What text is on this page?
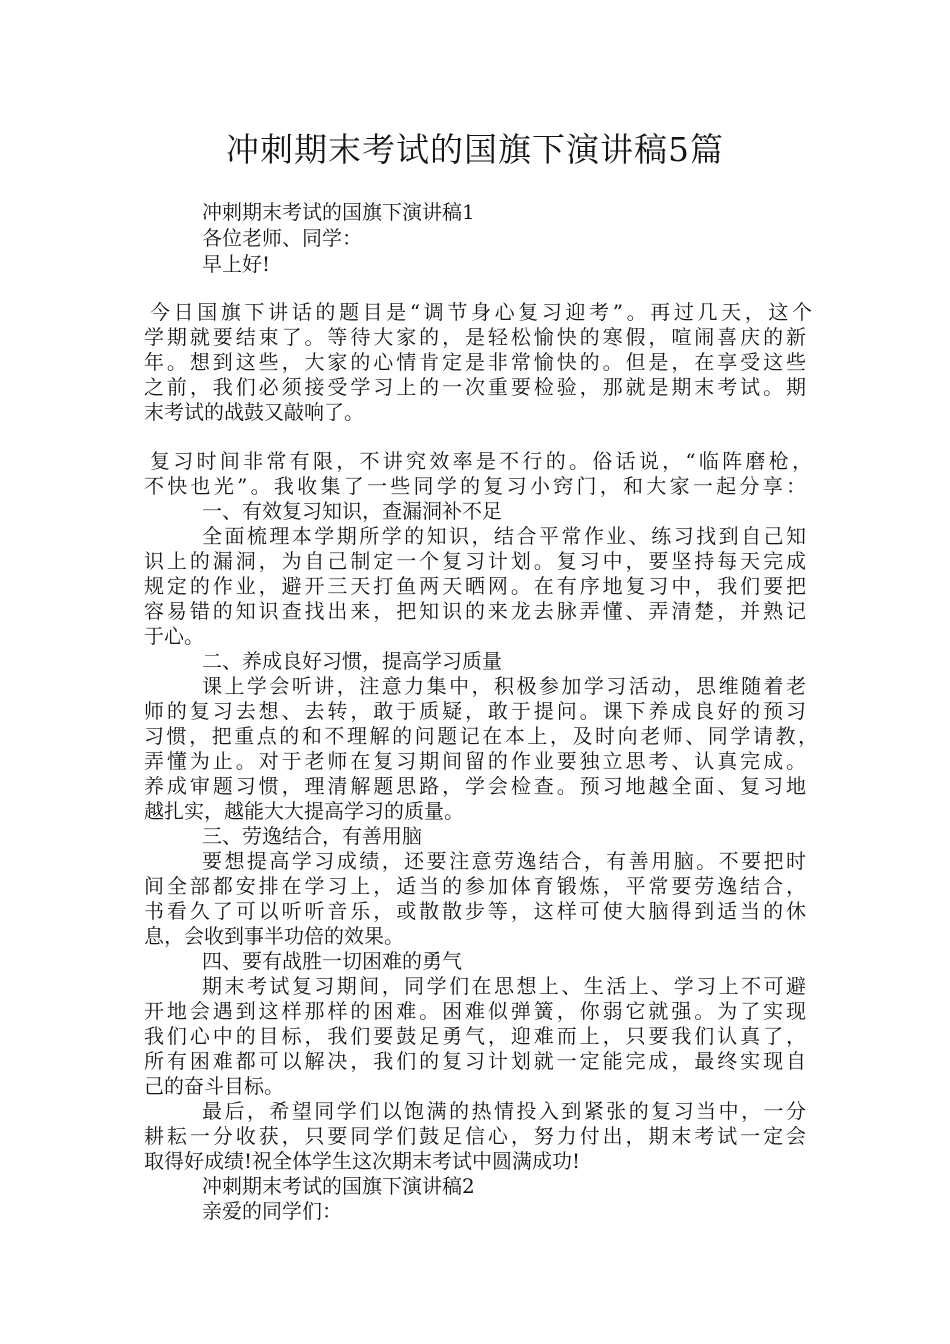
冲刺期末考试的国旗下演讲稿5篇
冲刺期末考试的国旗下演讲稿1
各位老师、同学：
早上好!
今日国旗下讲话的题目是“调节身心复习迎考”。再过几天，这个
学期就要结束了。等待大家的，是轻松愉快的寒假，喧闹喜庆的新
年。想到这些，大家的心情肯定是非常愉快的。但是，在享受这些
之前，我们必须接受学习上的一次重要检验，那就是期末考试。期
末考试的战鼓又敲响了。
复习时间非常有限，不讲究效率是不行的。俗话说，“临阵磨枪，
不快也光”。我收集了一些同学的复习小窍门，和大家一起分享：
一、有效复习知识，查漏洞补不足
全面梳理本学期所学的知识，结合平常作业、练习找到自己知
识上的漏洞，为自己制定一个复习计划。复习中，要坚持每天完成
规定的作业，避开三天打鱼两天晒网。在有序地复习中，我们要把
容易错的知识查找出来，把知识的来龙去脉弄懂、弄清楚，并熟记
于心。
二、养成良好习惯，提高学习质量
课上学会听讲，注意力集中，积极参加学习活动，思维随着老
师的复习去想、去转，敢于质疑，敢于提问。课下养成良好的预习
习惯，把重点的和不理解的问题记在本上，及时向老师、同学请教，
弄懂为止。对于老师在复习期间留的作业要独立思考、认真完成。
养成审题习惯，理清解题思路，学会检查。预习地越全面、复习地
越扎实，越能大大提高学习的质量。
三、劳逸结合，有善用脑
要想提高学习成绩，还要注意劳逸结合，有善用脑。不要把时
间全部都安排在学习上，适当的参加体育锻炼，平常要劳逸结合，
书看久了可以听听音乐，或散散步等，这样可使大脑得到适当的休
息，会收到事半功倍的效果。
四、要有战胜一切困难的勇气
期末考试复习期间，同学们在思想上、生活上、学习上不可避
开地会遇到这样那样的困难。困难似弹簧，你弱它就强。为了实现
我们心中的目标，我们要鼓足勇气，迎难而上，只要我们认真了，
所有困难都可以解决，我们的复习计划就一定能完成，最终实现自
己的奋斗目标。
最后，希望同学们以饱满的热情投入到紧张的复习当中，一分
耕耘一分收获，只要同学们鼓足信心，努力付出，期末考试一定会
取得好成绩!祝全体学生这次期末考试中圆满成功!
冲刺期末考试的国旗下演讲稿2
亲爱的同学们：
